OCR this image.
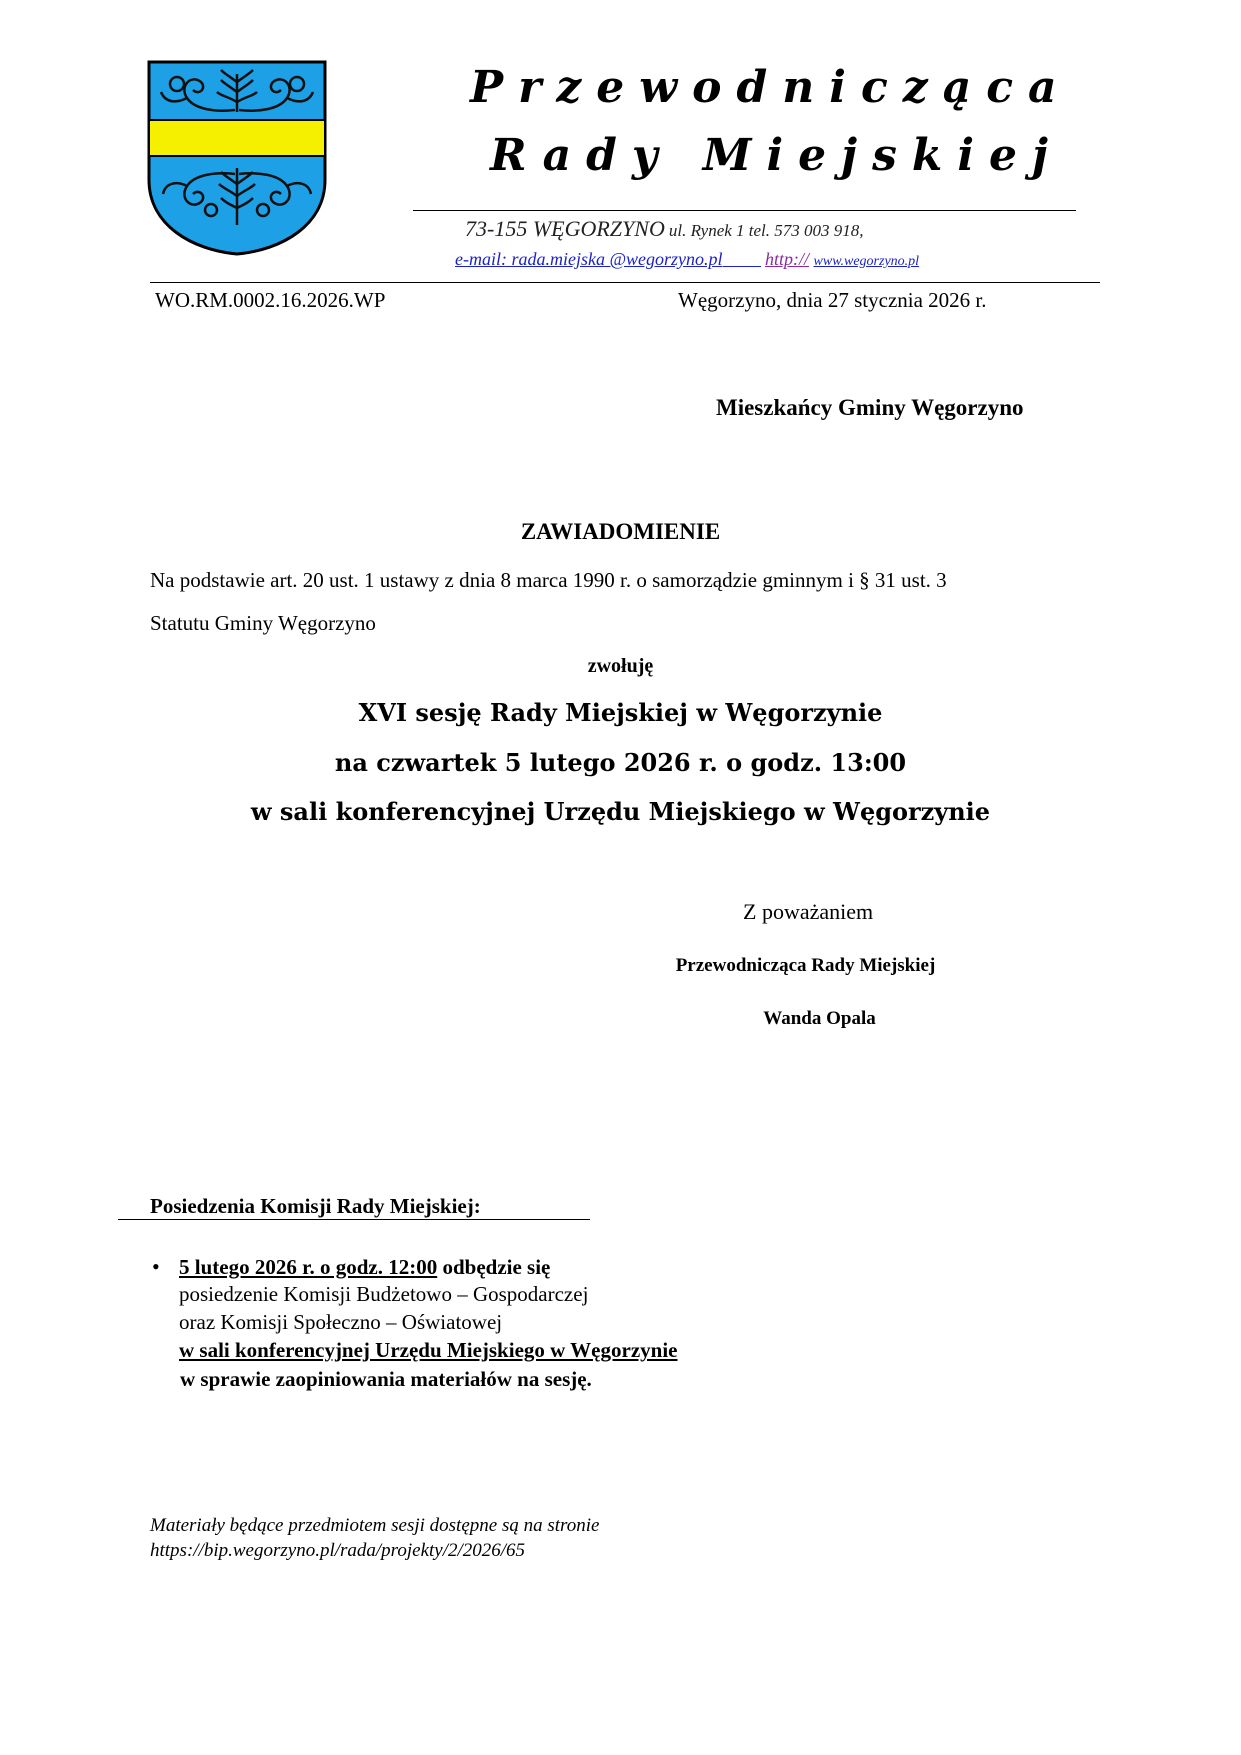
Przewodnicząca
Rady Miejskiej
73-155 WĘGORZYNO ul. Rynek 1 tel. 573 003 918,
e-mail: rada.miejska @wegorzyno.pl http:// www.wegorzyno.pl
WO.RM.0002.16.2026.WP	Węgorzyno, dnia 27 stycznia 2026 r.
Mieszkańcy Gminy Węgorzyno
ZAWIADOMIENIE
Na podstawie art. 20 ust. 1 ustawy z dnia 8 marca 1990 r. o samorządzie gminnym i § 31 ust. 3
Statutu Gminy Węgorzyno
zwołuję
XVI sesję Rady Miejskiej w Węgorzynie
na czwartek 5 lutego 2026 r. o godz. 13:00
w sali konferencyjnej Urzędu Miejskiego w Węgorzynie
Z poważaniem
Przewodnicząca Rady Miejskiej
Wanda Opala
Posiedzenia Komisji Rady Miejskiej:
• 5 lutego 2026 r. o godz. 12:00 odbędzie się
posiedzenie Komisji Budżetowo – Gospodarczej
oraz Komisji Społeczno – Oświatowej
w sali konferencyjnej Urzędu Miejskiego w Węgorzynie
w sprawie zaopiniowania materiałów na sesję.
Materiały będące przedmiotem sesji dostępne są na stronie
https://bip.wegorzyno.pl/rada/projekty/2/2026/65
